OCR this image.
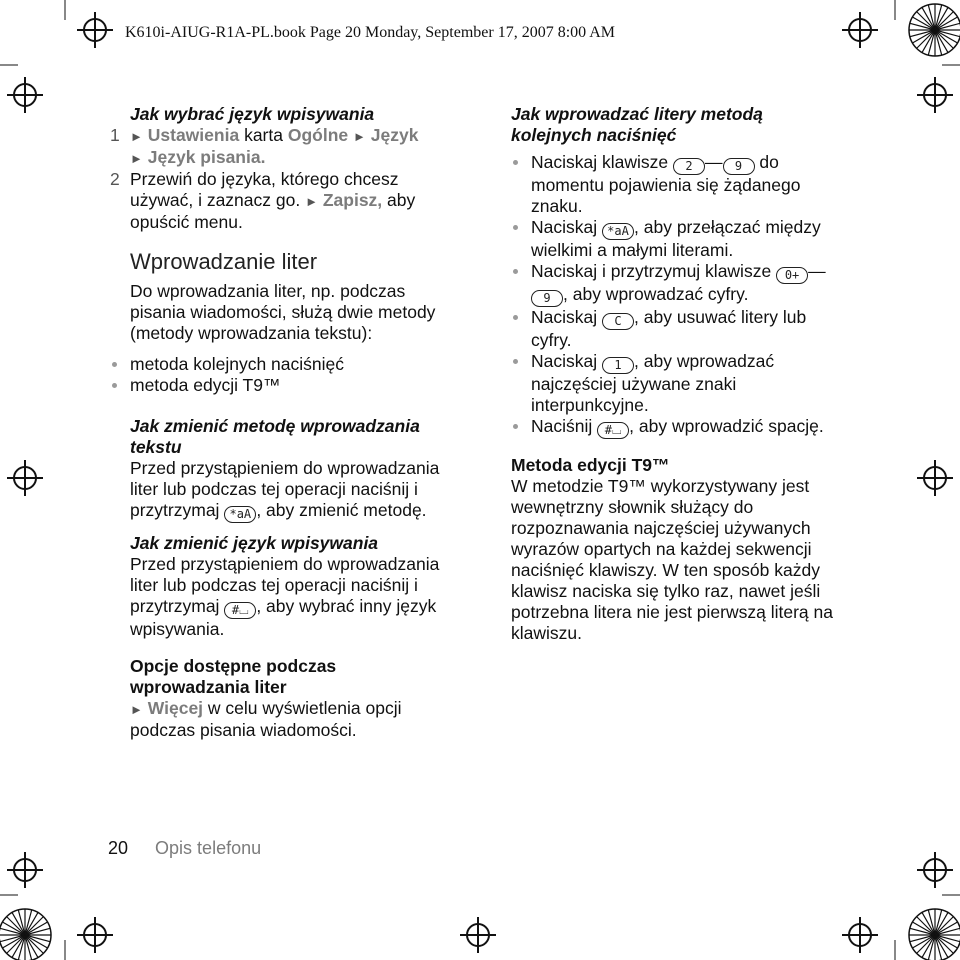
K610i-AIUG-R1A-PL.book Page 20 Monday, September 17, 2007 8:00 AM
Jak wybrać język wpisywania
1 ► Ustawienia karta Ogólne ► Język
► Język pisania.
2 Przewiń do języka, którego chcesz używać, i zaznacz go. ► Zapisz, aby opuścić menu.
Wprowadzanie liter
Do wprowadzania liter, np. podczas pisania wiadomości, służą dwie metody (metody wprowadzania tekstu):
metoda kolejnych naciśnięć
metoda edycji T9™
Jak zmienić metodę wprowadzania tekstu
Przed przystąpieniem do wprowadzania liter lub podczas tej operacji naciśnij i przytrzymaj *aA , aby zmienić metodę.
Jak zmienić język wpisywania
Przed przystąpieniem do wprowadzania liter lub podczas tej operacji naciśnij i przytrzymaj #⌴ , aby wybrać inny język wpisywania.
Opcje dostępne podczas wprowadzania liter
► Więcej w celu wyświetlenia opcji podczas pisania wiadomości.
Jak wprowadzać litery metodą kolejnych naciśnięć
Naciskaj klawisze 2 — 9 do momentu pojawienia się żądanego znaku.
Naciskaj *aA , aby przełączać między wielkimi a małymi literami.
Naciskaj i przytrzymuj klawisze 0+ —
9 , aby wprowadzać cyfry.
Naciskaj C , aby usuwać litery lub cyfry.
Naciskaj 1 , aby wprowadzać najczęściej używane znaki interpunkcyjne.
Naciśnij #⌴ , aby wprowadzić spację.
Metoda edycji T9™
W metodzie T9™ wykorzystywany jest wewnętrzny słownik służący do rozpoznawania najczęściej używanych wyrazów opartych na każdej sekwencji naciśnięć klawiszy. W ten sposób każdy klawisz naciska się tylko raz, nawet jeśli potrzebna litera nie jest pierwszą literą na klawiszu.
20 Opis telefonu
